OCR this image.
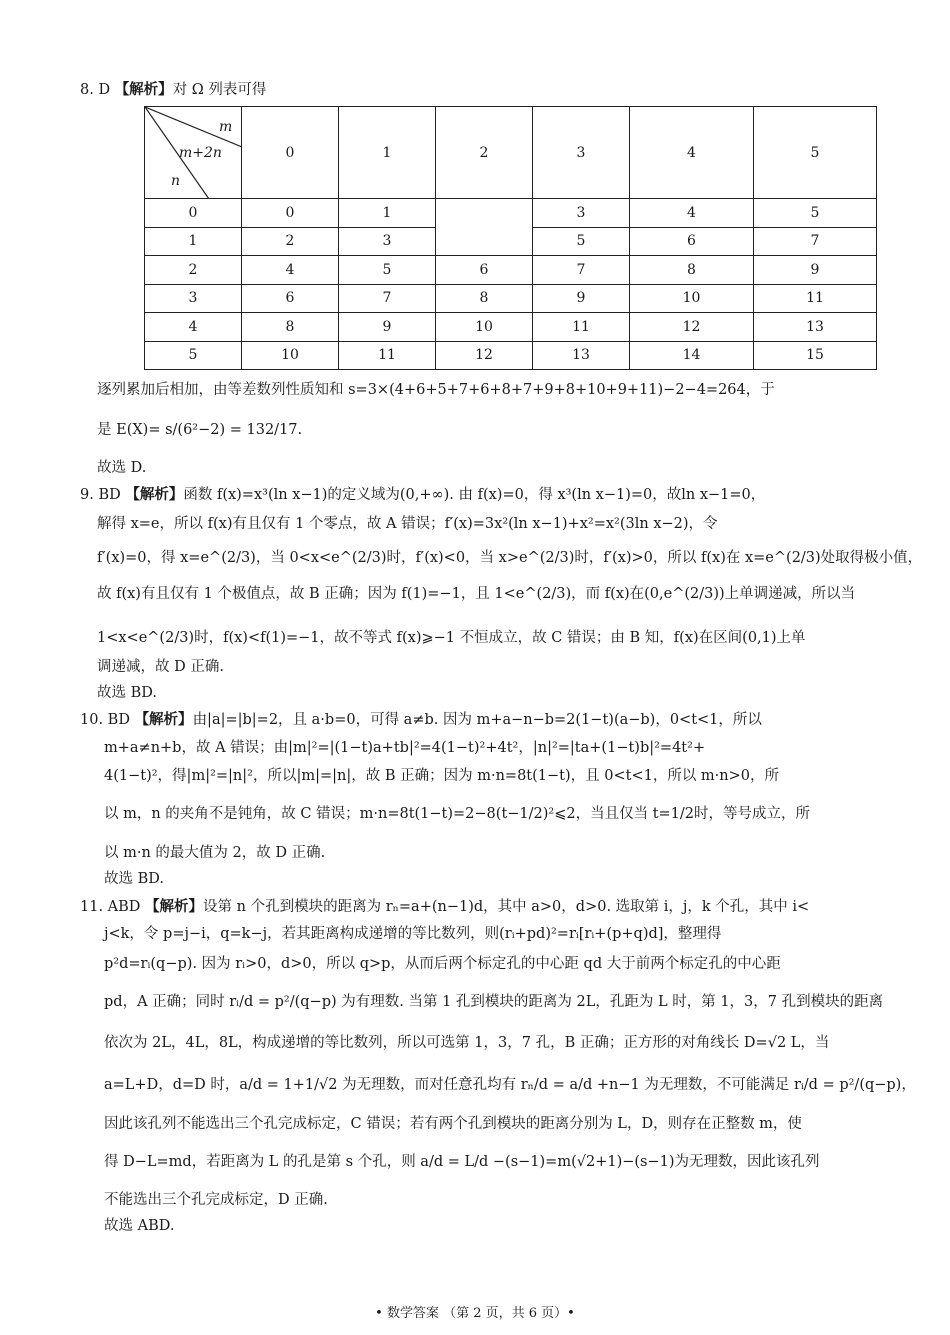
8. D 【解析】对 Ω 列表可得
m
m+2n
n	0	1	2	3	4	5
0	0	1		3	4	5
1	2	3		5	6	7
2	4	5	6	7	8	9
3	6	7	8	9	10	11
4	8	9	10	11	12	13
5	10	11	12	13	14	15
逐列累加后相加，由等差数列性质知和 s=3×(4+6+5+7+6+8+7+9+8+10+9+11)−2−4=264，于
是 E(X)= s/(6²−2) = 132/17.
故选 D.
9. BD 【解析】函数 f(x)=x³(ln x−1)的定义域为(0,+∞). 由 f(x)=0，得 x³(ln x−1)=0，故ln x−1=0，
解得 x=e，所以 f(x)有且仅有 1 个零点，故 A 错误；f′(x)=3x²(ln x−1)+x²=x²(3ln x−2)，令
f′(x)=0，得 x=e^(2/3)，当 0<x<e^(2/3)时，f′(x)<0，当 x>e^(2/3)时，f′(x)>0，所以 f(x)在 x=e^(2/3)处取得极小值，
故 f(x)有且仅有 1 个极值点，故 B 正确；因为 f(1)=−1，且 1<e^(2/3)，而 f(x)在(0,e^(2/3))上单调递减，所以当
1<x<e^(2/3)时，f(x)<f(1)=−1，故不等式 f(x)⩾−1 不恒成立，故 C 错误；由 B 知，f(x)在区间(0,1)上单
调递减，故 D 正确.
故选 BD.
10. BD 【解析】由|a|=|b|=2，且 a·b=0，可得 a≠b. 因为 m+a−n−b=2(1−t)(a−b)，0<t<1，所以
m+a≠n+b，故 A 错误；由|m|²=|(1−t)a+tb|²=4(1−t)²+4t²，|n|²=|ta+(1−t)b|²=4t²+
4(1−t)²，得|m|²=|n|²，所以|m|=|n|，故 B 正确；因为 m·n=8t(1−t)，且 0<t<1，所以 m·n>0，所
以 m，n 的夹角不是钝角，故 C 错误；m·n=8t(1−t)=2−8(t−1/2)²⩽2，当且仅当 t=1/2时，等号成立，所
以 m·n 的最大值为 2，故 D 正确.
故选 BD.
11. ABD 【解析】设第 n 个孔到模块的距离为 rₙ=a+(n−1)d，其中 a>0，d>0. 选取第 i，j，k 个孔，其中 i<
j<k，令 p=j−i，q=k−j，若其距离构成递增的等比数列，则(rᵢ+pd)²=rᵢ[rᵢ+(p+q)d]，整理得
p²d=rᵢ(q−p). 因为 rᵢ>0，d>0，所以 q>p，从而后两个标定孔的中心距 qd 大于前两个标定孔的中心距
pd，A 正确；同时 rᵢ/d = p²/(q−p) 为有理数. 当第 1 孔到模块的距离为 2L，孔距为 L 时，第 1，3，7 孔到模块的距离
依次为 2L，4L，8L，构成递增的等比数列，所以可选第 1，3，7 孔，B 正确；正方形的对角线长 D=√2 L，当
a=L+D，d=D 时，a/d = 1+1/√2 为无理数，而对任意孔均有 rₙ/d = a/d +n−1 为无理数，不可能满足 rᵢ/d = p²/(q−p)，
因此该孔列不能选出三个孔完成标定，C 错误；若有两个孔到模块的距离分别为 L，D，则存在正整数 m，使
得 D−L=md，若距离为 L 的孔是第 s 个孔，则 a/d = L/d −(s−1)=m(√2+1)−(s−1)为无理数，因此该孔列
不能选出三个孔完成标定，D 正确.
故选 ABD.
• 数学答案 （第 2 页，共 6 页）•
